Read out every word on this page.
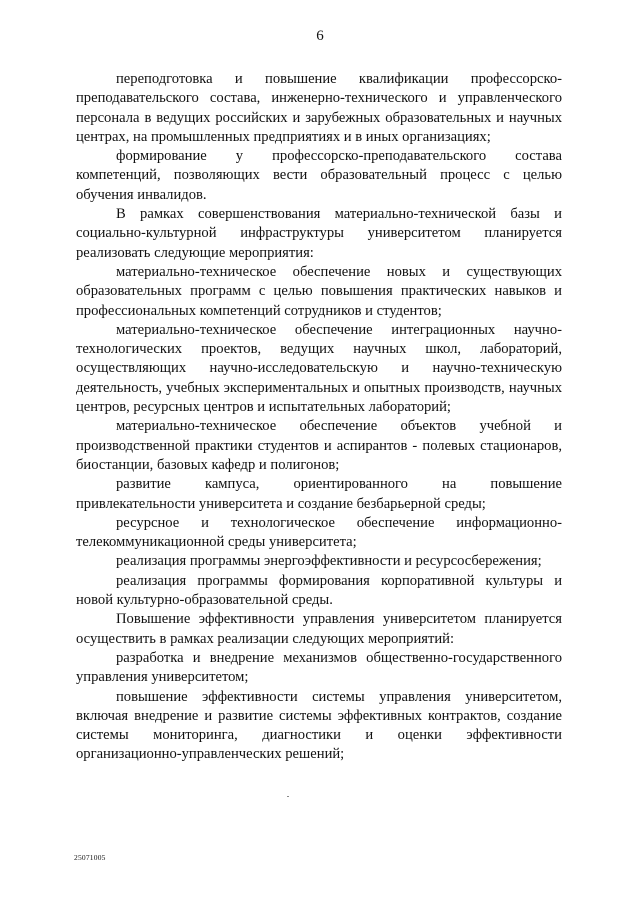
6

переподготовка и повышение квалификации профессорско-преподавательского состава, инженерно-технического и управленческого персонала в ведущих российских и зарубежных образовательных и научных центрах, на промышленных предприятиях и в иных организациях;

формирование у профессорско-преподавательского состава компетенций, позволяющих вести образовательный процесс с целью обучения инвалидов.

В рамках совершенствования материально-технической базы и социально-культурной инфраструктуры университетом планируется реализовать следующие мероприятия:

материально-техническое обеспечение новых и существующих образовательных программ с целью повышения практических навыков и профессиональных компетенций сотрудников и студентов;

материально-техническое обеспечение интеграционных научно-технологических проектов, ведущих научных школ, лабораторий, осуществляющих научно-исследовательскую и научно-техническую деятельность, учебных экспериментальных и опытных производств, научных центров, ресурсных центров и испытательных лабораторий;

материально-техническое обеспечение объектов учебной и производственной практики студентов и аспирантов - полевых стационаров, биостанции, базовых кафедр и полигонов;

развитие кампуса, ориентированного на повышение привлекательности университета и создание безбарьерной среды;

ресурсное и технологическое обеспечение информационно-телекоммуникационной среды университета;

реализация программы энергоэффективности и ресурсосбережения;

реализация программы формирования корпоративной культуры и новой культурно-образовательной среды.

Повышение эффективности управления университетом планируется осуществить в рамках реализации следующих мероприятий:

разработка и внедрение механизмов общественно-государственного управления университетом;

повышение эффективности системы управления университетом, включая внедрение и развитие системы эффективных контрактов, создание системы мониторинга, диагностики и оценки эффективности организационно-управленческих решений;

25071005
